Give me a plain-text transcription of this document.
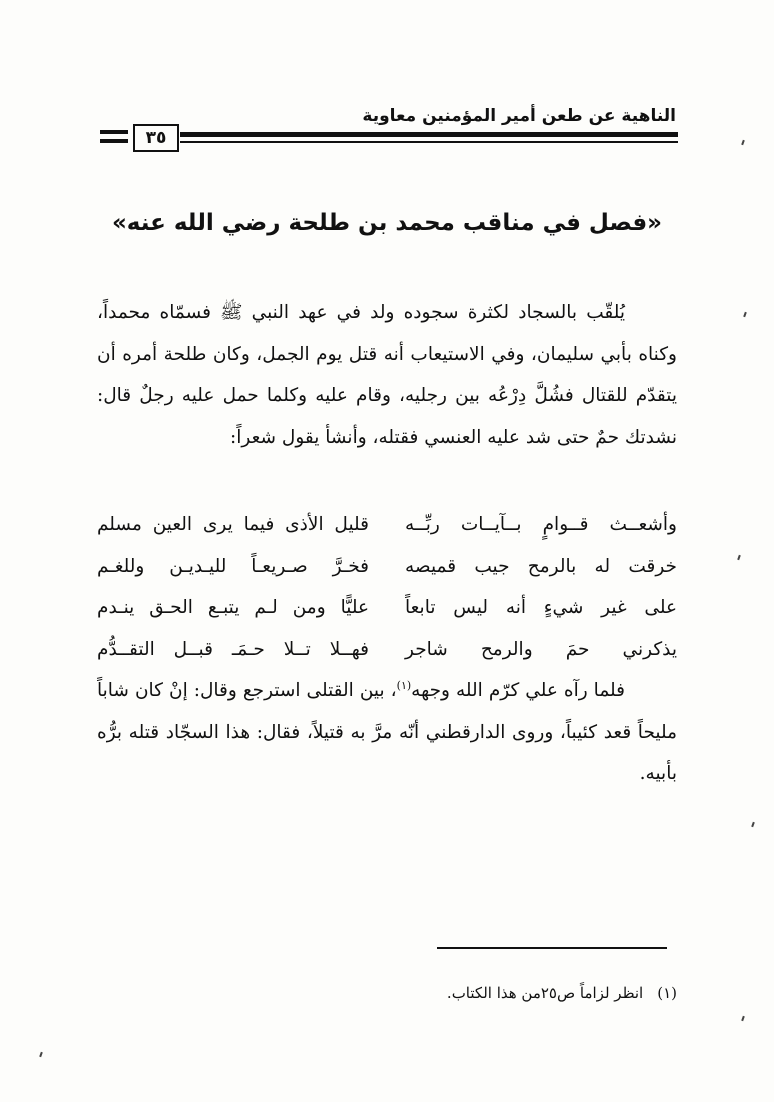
الناهية عن طعن أمير المؤمنين معاوية
٣٥
«فصل في مناقب محمد بن طلحة رضي الله عنه»

يُلقّب بالسجاد لكثرة سجوده ولد في عهد النبي ﷺ فسمّاه محمداً، وكناه بأبي سليمان، وفي الاستيعاب أنه قتل يوم الجمل، وكان طلحة أمره أن يتقدّم للقتال فشُلَّ دِرْعُه بين رجليه، وقام عليه وكلما حمل عليه رجلٌ قال: نشدتك حمٌ حتى شد عليه العنسي فقتله، وأنشأ يقول شعراً:

وأشعــث قــوامٍ بــآيــات ربِّــه
قليل الأذى فيما يرى العين مسلم
خرقت له بالرمح جيب قميصه
فخـرَّ صـريعـاً لليـديـن وللغـم
على غير شيءٍ أنه ليس تابعاً
عليًّا ومن لـم يتبـع الحـق ينـدم
يذكرني حمَ والرمح شاجر
فهــلا تــلا حـمَـ قبــل التقــدُّم

فلما رآه علي كرّم الله وجهه$^{(١)}$، بين القتلى استرجع وقال: إنْ كان شاباً مليحاً قعد كئيباً، وروى الدارقطني أنّه مرَّ به قتيلاً، فقال: هذا السجّاد قتله برُّه بأبيه.

(١)انظر لزاماً ص٢٥من هذا الكتاب.
